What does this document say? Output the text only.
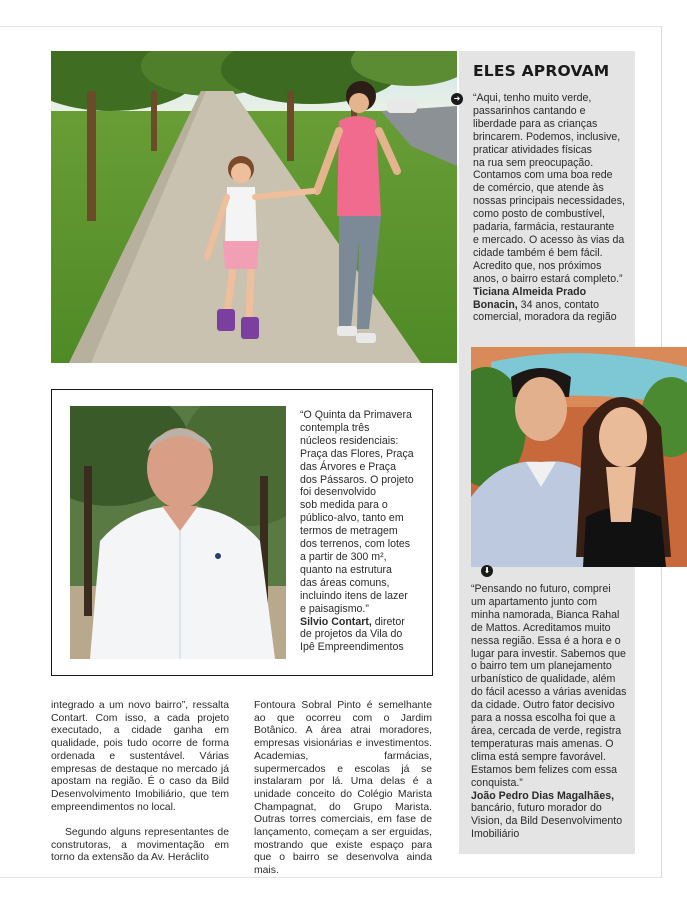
ELES APROVAM
➜ “Aqui, tenho muito verde,
passarinhos cantando e
liberdade para as crianças
brincarem. Podemos, inclusive,
praticar atividades físicas
na rua sem preocupação.
Contamos com uma boa rede
de comércio, que atende às
nossas principais necessidades,
como posto de combustível,
padaria, farmácia, restaurante
e mercado. O acesso às vias da
cidade também é bem fácil.
Acredito que, nos próximos
anos, o bairro estará completo.”
Ticiana Almeida Prado
Bonacin, 34 anos, contato
comercial, moradora da região
⬇
“Pensando no futuro, comprei
um apartamento junto com
minha namorada, Bianca Rahal
de Mattos. Acreditamos muito
nessa região. Essa é a hora e o
lugar para investir. Sabemos que
o bairro tem um planejamento
urbanístico de qualidade, além
do fácil acesso a várias avenidas
da cidade. Outro fator decisivo
para a nossa escolha foi que a
área, cercada de verde, registra
temperaturas mais amenas. O
clima está sempre favorável.
Estamos bem felizes com essa
conquista.”
João Pedro Dias Magalhães,
bancário, futuro morador do
Vision, da Bild Desenvolvimento
Imobiliário
“O Quinta da Primavera
contempla três
núcleos residenciais:
Praça das Flores, Praça
das Árvores e Praça
dos Pássaros. O projeto
foi desenvolvido
sob medida para o
público-alvo, tanto em
termos de metragem
dos terrenos, com lotes
a partir de 300 m²,
quanto na estrutura
das áreas comuns,
incluindo itens de lazer
e paisagismo.”
Silvio Contart, diretor
de projetos da Vila do
Ipê Empreendimentos

integrado a um novo bairro”, ressalta Contart. Com isso, a cada projeto executado, a cidade ganha em qualidade, pois tudo ocorre de forma ordenada e sustentável. Várias empresas de destaque no mercado já apostam na região. É o caso da Bild Desenvolvimento Imobiliário, que tem empreendimentos no local.

Segundo alguns representantes de construtoras, a movimentação em torno da extensão da Av. Heráclito

Fontoura Sobral Pinto é semelhante ao que ocorreu com o Jardim Botânico. A área atrai moradores, empresas visionárias e investimentos. Academias, farmácias, supermercados e escolas já se instalaram por lá. Uma delas é a unidade conceito do Colégio Marista Champagnat, do Grupo Marista. Outras torres comerciais, em fase de lançamento, começam a ser erguidas, mostrando que existe espaço para que o bairro se desenvolva ainda mais.
